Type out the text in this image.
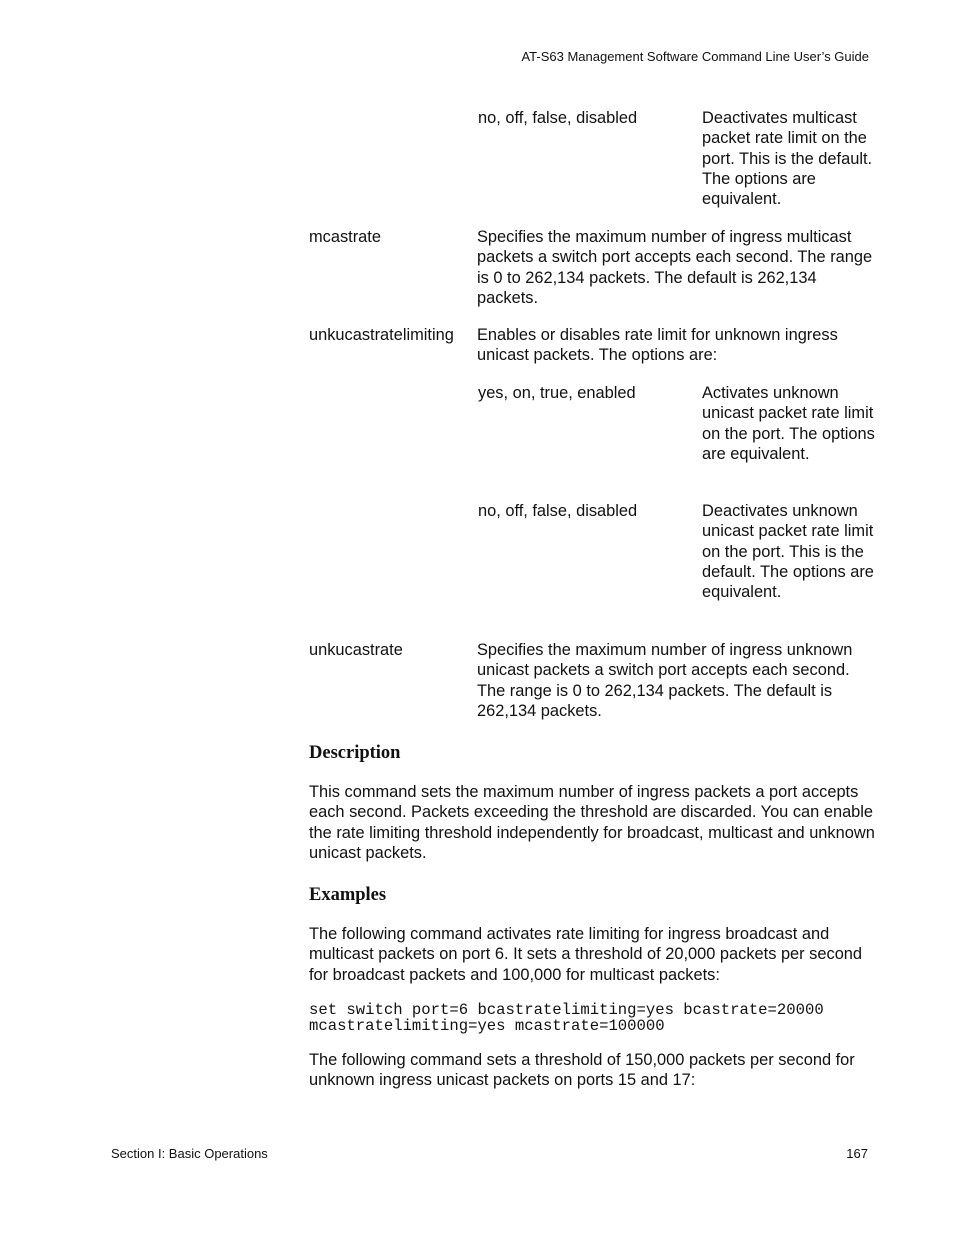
AT-S63 Management Software Command Line User’s Guide
no, off, false, disabled	Deactivates multicast packet rate limit on the port. This is the default. The options are equivalent.
mcastrate	Specifies the maximum number of ingress multicast packets a switch port accepts each second. The range is 0 to 262,134 packets. The default is 262,134 packets.
unkucastratelimiting Enables or disables rate limit for unknown ingress unicast packets. The options are:
yes, on, true, enabled	Activates unknown unicast packet rate limit on the port. The options are equivalent.
no, off, false, disabled	Deactivates unknown unicast packet rate limit on the port. This is the default. The options are equivalent.
unkucastrate	Specifies the maximum number of ingress unknown unicast packets a switch port accepts each second. The range is 0 to 262,134 packets. The default is 262,134 packets.
Description
This command sets the maximum number of ingress packets a port accepts each second. Packets exceeding the threshold are discarded. You can enable the rate limiting threshold independently for broadcast, multicast and unknown unicast packets.
Examples
The following command activates rate limiting for ingress broadcast and multicast packets on port 6. It sets a threshold of 20,000 packets per second for broadcast packets and 100,000 for multicast packets:
set switch port=6 bcastratelimiting=yes bcastrate=20000
mcastratelimiting=yes mcastrate=100000
The following command sets a threshold of 150,000 packets per second for unknown ingress unicast packets on ports 15 and 17:
Section I: Basic Operations	167
